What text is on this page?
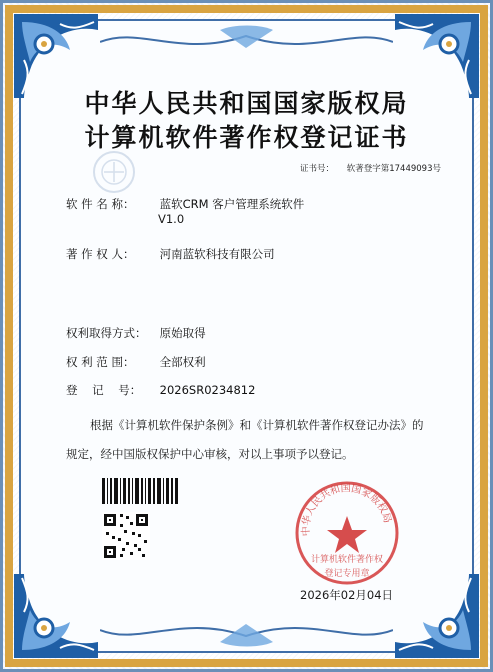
中华人民共和国国家版权局
计算机软件著作权登记证书
证书号： 软著登字第17449093号
软 件 名 称： 蓝软CRM 客户管理系统软件
V1.0
著 作 权 人： 河南蓝软科技有限公司
权利取得方式： 原始取得
权 利 范 围： 全部权利
登    记    号： 2026SR0234812
根据《计算机软件保护条例》和《计算机软件著作权登记办法》的
规定，经中国版权保护中心审核，对以上事项予以登记。
中华人民共和国国家版权局
计算机软件著作权
登记专用章
2026年02月04日
